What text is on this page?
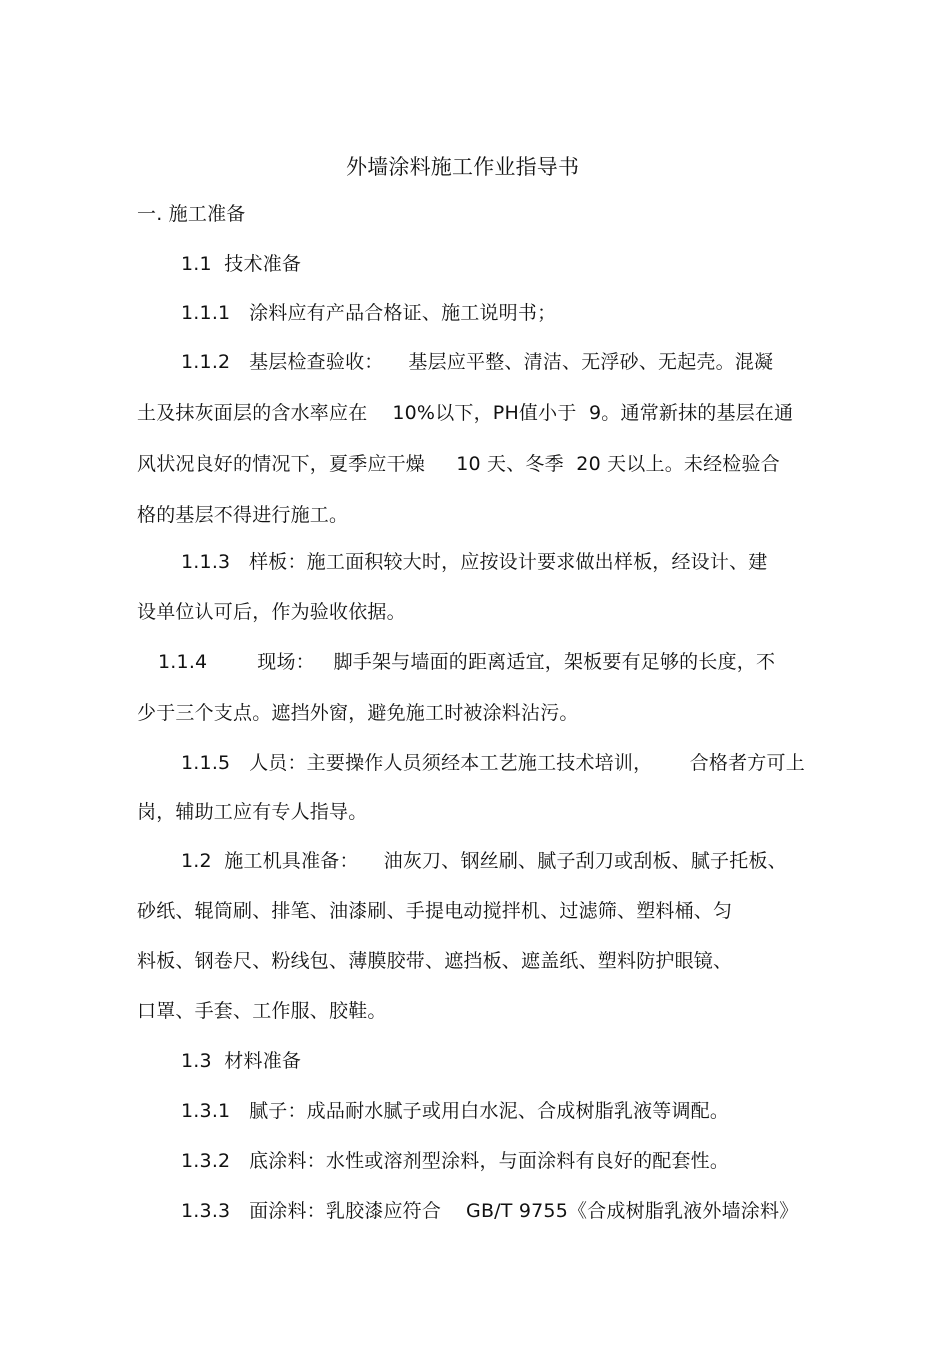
外墙涂料施工作业指导书
一. 施工准备
1.1  技术准备
1.1.1   涂料应有产品合格证、施工说明书；
1.1.2   基层检查验收：    基层应平整、清洁、无浮砂、无起壳。混凝
土及抹灰面层的含水率应在    10%以下，PH值小于  9。通常新抹的基层在通
风状况良好的情况下，夏季应干燥     10 天、冬季  20 天以上。未经检验合
格的基层不得进行施工。
1.1.3   样板：施工面积较大时，应按设计要求做出样板，经设计、建
设单位认可后，作为验收依据。
1.1.4        现场：   脚手架与墙面的距离适宜，架板要有足够的长度，不
少于三个支点。遮挡外窗，避免施工时被涂料沾污。
1.1.5   人员：主要操作人员须经本工艺施工技术培训，      合格者方可上
岗，辅助工应有专人指导。
1.2  施工机具准备：    油灰刀、钢丝刷、腻子刮刀或刮板、腻子托板、
砂纸、辊筒刷、排笔、油漆刷、手提电动搅拌机、过滤筛、塑料桶、匀
料板、钢卷尺、粉线包、薄膜胶带、遮挡板、遮盖纸、塑料防护眼镜、
口罩、手套、工作服、胶鞋。
1.3  材料准备
1.3.1   腻子：成品耐水腻子或用白水泥、合成树脂乳液等调配。
1.3.2   底涂料：水性或溶剂型涂料，与面涂料有良好的配套性。
1.3.3   面涂料：乳胶漆应符合    GB/T 9755《合成树脂乳液外墙涂料》
